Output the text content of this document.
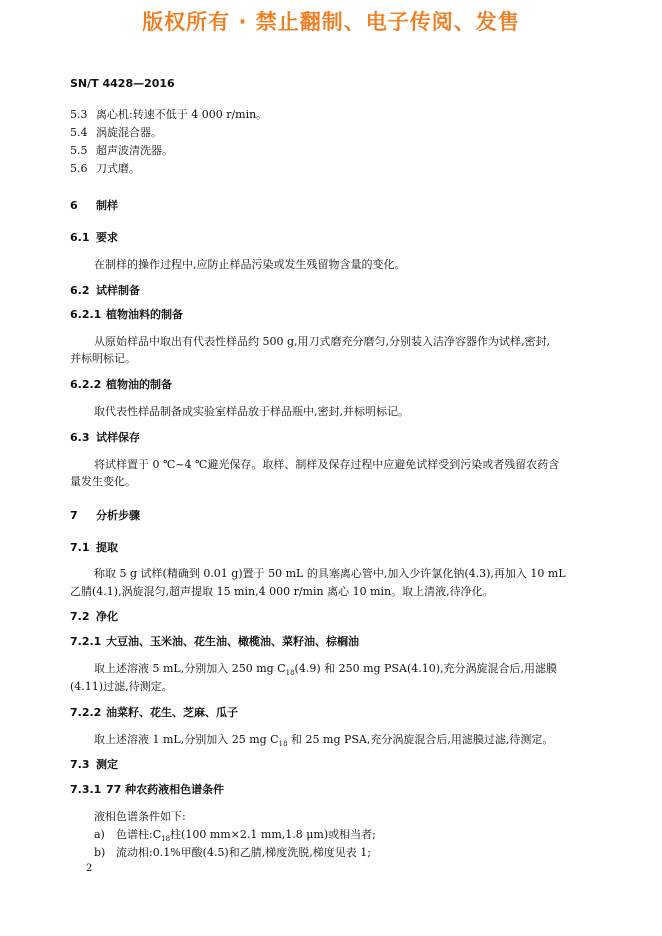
版权所有 · 禁止翻制、电子传阅、发售
SN/T 4428—2016
5.3 离心机:转速不低于 4 000 r/min。
5.4 涡旋混合器。
5.5 超声波清洗器。
5.6 刀式磨。
6 制样
6.1 要求
在制样的操作过程中,应防止样品污染或发生残留物含量的变化。
6.2 试样制备
6.2.1 植物油料的制备
从原始样品中取出有代表性样品约 500 g,用刀式磨充分磨匀,分别装入洁净容器作为试样,密封,
并标明标记。
6.2.2 植物油的制备
取代表性样品制备成实验室样品放于样品瓶中,密封,并标明标记。
6.3 试样保存
将试样置于 0 ℃~4 ℃避光保存。取样、制样及保存过程中应避免试样受到污染或者残留农药含
量发生变化。
7 分析步骤
7.1 提取
称取 5 g 试样(精确到 0.01 g)置于 50 mL 的具塞离心管中,加入少许氯化钠(4.3),再加入 10 mL
乙腈(4.1),涡旋混匀,超声提取 15 min,4 000 r/min 离心 10 min。取上清液,待净化。
7.2 净化
7.2.1 大豆油、玉米油、花生油、橄榄油、菜籽油、棕榈油
取上述溶液 5 mL,分别加入 250 mg $C_{18}(4.9)$ 和 250 mg PSA(4.10),充分涡旋混合后,用滤膜
(4.11)过滤,待测定。
7.2.2 油菜籽、花生、芝麻、瓜子
取上述溶液 1 mL,分别加入 25 mg $C_{18}$ 和 25 mg PSA,充分涡旋混合后,用滤膜过滤,待测定。
7.3 测定
7.3.1 77 种农药液相色谱条件
液相色谱条件如下:
a) 色谱柱$:C_{18}$柱(100 mm×2.1 mm,1.8 μm)或相当者;
b) 流动相:0.1%甲酸(4.5)和乙腈,梯度洗脱,梯度见表 1;
2
